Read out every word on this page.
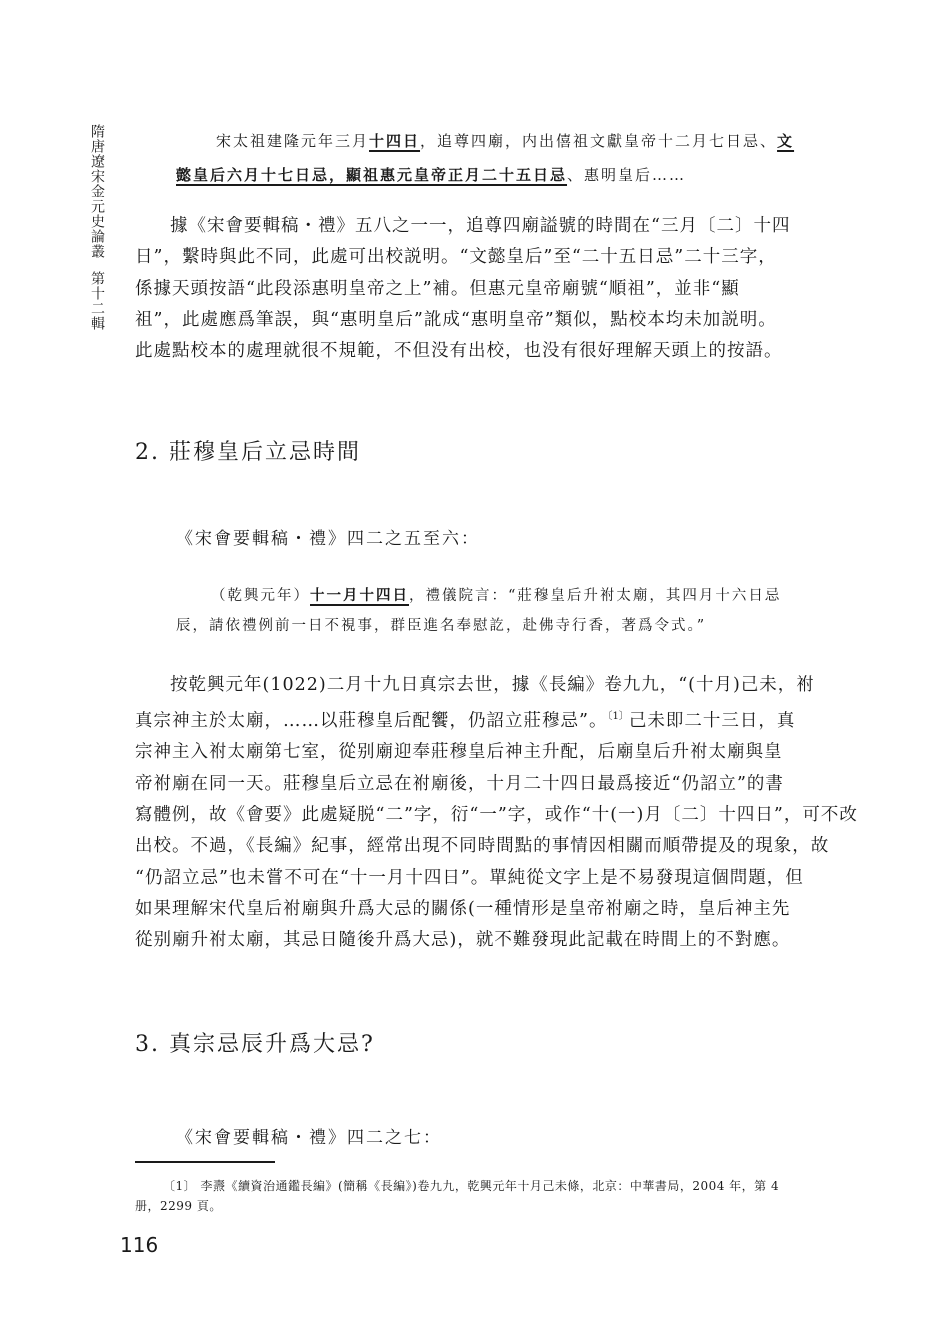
隋唐遼宋金元史論叢第十二輯

宋太祖建隆元年三月十四日，追尊四廟，内出僖祖文獻皇帝十二月七日忌、文

懿皇后六月十七日忌，顯祖惠元皇帝正月二十五日忌、惠明皇后……

據《宋會要輯稿・禮》五八之一一，追尊四廟謚號的時間在“三月〔二〕十四
日”，繫時與此不同，此處可出校説明。“文懿皇后”至“二十五日忌”二十三字，
係據天頭按語“此段添惠明皇帝之上”補。但惠元皇帝廟號“順祖”，並非“顯
祖”，此處應爲筆誤，與“惠明皇后”訛成“惠明皇帝”類似，點校本均未加説明。
此處點校本的處理就很不規範，不但没有出校，也没有很好理解天頭上的按語。
2. 莊穆皇后立忌時間

《宋會要輯稿・禮》四二之五至六：

（乾興元年）十一月十四日，禮儀院言：“莊穆皇后升祔太廟，其四月十六日忌
辰，請依禮例前一日不視事，群臣進名奉慰訖，赴佛寺行香，著爲令式。”
按乾興元年(1022)二月十九日真宗去世，據《長編》卷九九，“(十月)己未，祔
真宗神主於太廟，……以莊穆皇后配饗，仍詔立莊穆忌”。$^{〔1〕}$己未即二十三日，真
宗神主入祔太廟第七室，從别廟迎奉莊穆皇后神主升配，后廟皇后升祔太廟與皇
帝祔廟在同一天。莊穆皇后立忌在祔廟後，十月二十四日最爲接近“仍詔立”的書
寫體例，故《會要》此處疑脱“二”字，衍“一”字，或作“十(一)月〔二〕十四日”，可不改
出校。不過，《長編》紀事，經常出現不同時間點的事情因相關而順帶提及的現象，故
“仍詔立忌”也未嘗不可在“十一月十四日”。單純從文字上是不易發現這個問題，但
如果理解宋代皇后祔廟與升爲大忌的關係(一種情形是皇帝祔廟之時，皇后神主先
從别廟升祔太廟，其忌日隨後升爲大忌)，就不難發現此記載在時間上的不對應。
3. 真宗忌辰升爲大忌?

《宋會要輯稿・禮》四二之七：

〔1〕 李燾《續資治通鑑長編》(簡稱《長編》)卷九九，乾興元年十月己未條，北京：中華書局，2004 年，第 4
册，2299 頁。
116
